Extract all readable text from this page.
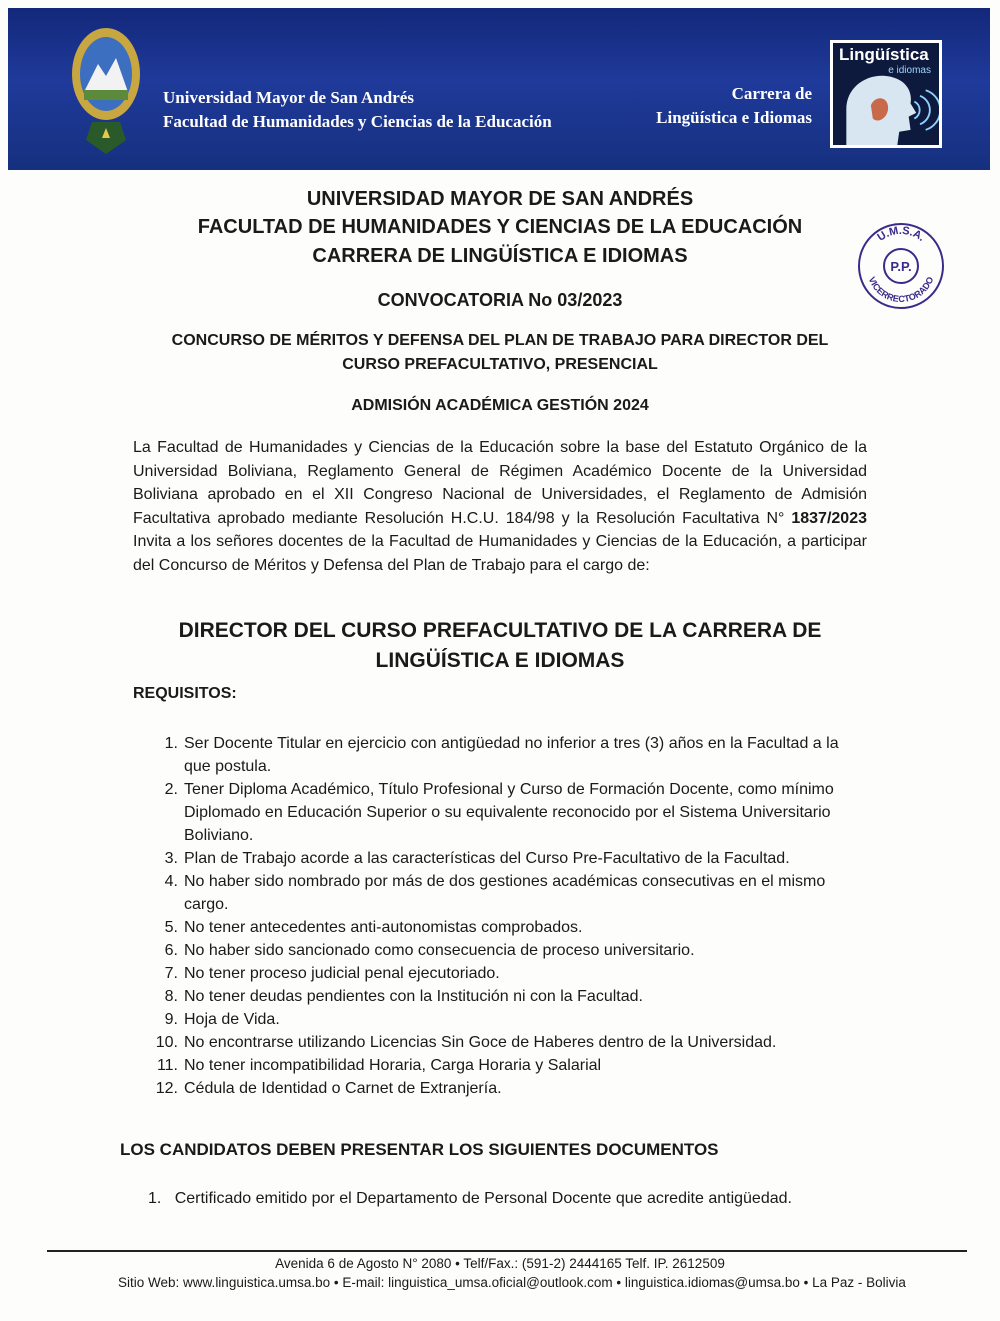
Universidad Mayor de San Andrés
Facultad de Humanidades y Ciencias de la Educación
Carrera de
Lingüística e Idiomas
Lingüística
e idiomas
UNIVERSIDAD MAYOR DE SAN ANDRÉS
FACULTAD DE HUMANIDADES Y CIENCIAS DE LA EDUCACIÓN
CARRERA DE LINGÜÍSTICA E IDIOMAS
CONVOCATORIA No 03/2023
CONCURSO DE MÉRITOS Y DEFENSA DEL PLAN DE TRABAJO PARA DIRECTOR DEL
CURSO PREFACULTATIVO, PRESENCIAL
ADMISIÓN ACADÉMICA GESTIÓN 2024
U.M.S.A.
P.P.
VICERRECTORADO
La Facultad de Humanidades y Ciencias de la Educación sobre la base del Estatuto Orgánico de la Universidad Boliviana, Reglamento General de Régimen Académico Docente de la Universidad Boliviana aprobado en el XII Congreso Nacional de Universidades, el Reglamento de Admisión Facultativa aprobado mediante Resolución H.C.U. 184/98 y la Resolución Facultativa N° 1837/2023 Invita a los señores docentes de la Facultad de Humanidades y Ciencias de la Educación, a participar del Concurso de Méritos y Defensa del Plan de Trabajo para el cargo de:
DIRECTOR DEL CURSO PREFACULTATIVO DE LA CARRERA DE
LINGÜÍSTICA E IDIOMAS
REQUISITOS:
1. Ser Docente Titular en ejercicio con antigüedad no inferior a tres (3) años en la Facultad a la que postula.
2. Tener Diploma Académico, Título Profesional y Curso de Formación Docente, como mínimo Diplomado en Educación Superior o su equivalente reconocido por el Sistema Universitario Boliviano.
3. Plan de Trabajo acorde a las características del Curso Pre-Facultativo de la Facultad.
4. No haber sido nombrado por más de dos gestiones académicas consecutivas en el mismo cargo.
5. No tener antecedentes anti-autonomistas comprobados.
6. No haber sido sancionado como consecuencia de proceso universitario.
7. No tener proceso judicial penal ejecutoriado.
8. No tener deudas pendientes con la Institución ni con la Facultad.
9. Hoja de Vida.
10. No encontrarse utilizando Licencias Sin Goce de Haberes dentro de la Universidad.
11. No tener incompatibilidad Horaria, Carga Horaria y Salarial
12. Cédula de Identidad o Carnet de Extranjería.
LOS CANDIDATOS DEBEN PRESENTAR LOS SIGUIENTES DOCUMENTOS
1. Certificado emitido por el Departamento de Personal Docente que acredite antigüedad.
Avenida 6 de Agosto N° 2080 • Telf/Fax.: (591-2) 2444165 Telf. IP. 2612509
Sitio Web: www.linguistica.umsa.bo • E-mail: linguistica_umsa.oficial@outlook.com • linguistica.idiomas@umsa.bo • La Paz - Bolivia
